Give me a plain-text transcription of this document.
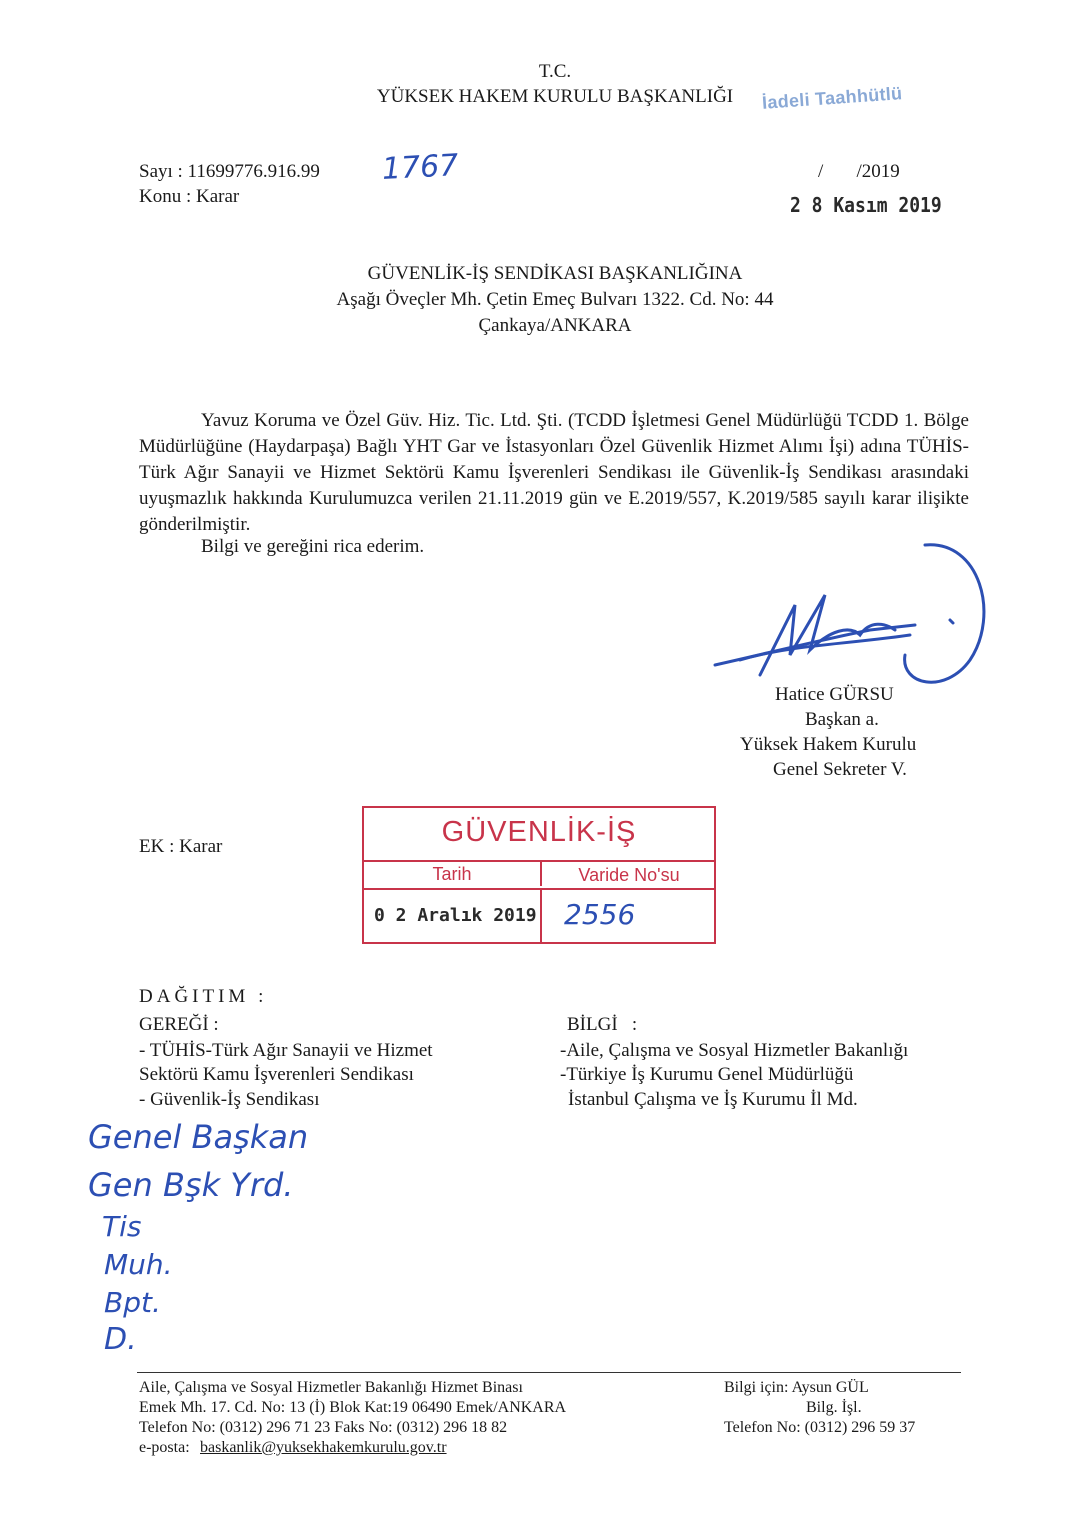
T.C.
YÜKSEK HAKEM KURULU BAŞKANLIĞI	İadeli Taahhütlü
Sayı : 11699776.916.99 1767
Konu : Karar
/       /2019
2 8 Kasım 2019
GÜVENLİK-İŞ SENDİKASI BAŞKANLIĞINA
Aşağı Öveçler Mh. Çetin Emeç Bulvarı 1322. Cd. No: 44
Çankaya/ANKARA
Yavuz Koruma ve Özel Güv. Hiz. Tic. Ltd. Şti. (TCDD İşletmesi Genel Müdürlüğü TCDD 1. Bölge Müdürlüğüne (Haydarpaşa) Bağlı YHT Gar ve İstasyonları Özel Güvenlik Hizmet Alımı İşi) adına TÜHİS-Türk Ağır Sanayii ve Hizmet Sektörü Kamu İşverenleri Sendikası ile Güvenlik-İş Sendikası arasındaki uyuşmazlık hakkında Kurulumuzca verilen 21.11.2019 gün ve E.2019/557, K.2019/585 sayılı karar ilişikte gönderilmiştir.
Bilgi ve gereğini rica ederim.
Hatice GÜRSU
Başkan a.
Yüksek Hakem Kurulu
Genel Sekreter V.
EK : Karar	GÜVENLİK-İŞ
Tarih	Varide No'su
0 2 Aralık 2019 2556
DAĞITIM :
GEREĞİ :
- TÜHİS-Türk Ağır Sanayii ve Hizmet
Sektörü Kamu İşverenleri Sendikası
- Güvenlik-İş Sendikası
BİLGİ   :
-Aile, Çalışma ve Sosyal Hizmetler Bakanlığı
-Türkiye İş Kurumu Genel Müdürlüğü
İstanbul Çalışma ve İş Kurumu İl Md.
Genel Başkan
Gen Bşk Yrd.
Tis
Muh.
Bpt.
D.
Aile, Çalışma ve Sosyal Hizmetler Bakanlığı Hizmet Binası
Emek Mh. 17. Cd. No: 13 (İ) Blok Kat:19 06490 Emek/ANKARA
Telefon No: (0312) 296 71 23 Faks No: (0312) 296 18 82
e-posta: baskanlik@yuksekhakemkurulu.gov.tr
Bilgi için: Aysun GÜL
Bilg. İşl.
Telefon No: (0312) 296 59 37
